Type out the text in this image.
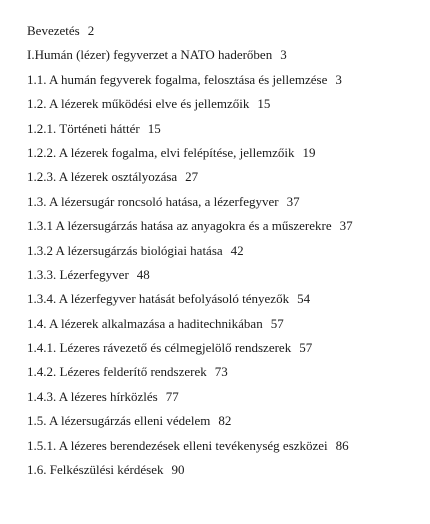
Bevezetés 2
I.Humán (lézer) fegyverzet a NATO haderőben 3
1.1. A humán fegyverek fogalma, felosztása és jellemzése 3
1.2. A lézerek működési elve és jellemzőik 15
1.2.1. Történeti háttér 15
1.2.2. A lézerek fogalma, elvi felépítése, jellemzőik 19
1.2.3. A lézerek osztályozása 27
1.3. A lézersugár roncsoló hatása, a lézerfegyver 37
1.3.1 A lézersugárzás hatása az anyagokra és a műszerekre 37
1.3.2 A lézersugárzás biológiai hatása 42
1.3.3. Lézerfegyver 48
1.3.4. A lézerfegyver hatását befolyásoló tényezők 54
1.4. A lézerek alkalmazása a haditechnikában 57
1.4.1. Lézeres rávezető és célmegjelölő rendszerek 57
1.4.2. Lézeres felderítő rendszerek 73
1.4.3. A lézeres hírközlés 77
1.5. A lézersugárzás elleni védelem 82
1.5.1. A lézeres berendezések elleni tevékenység eszközei 86
1.6. Felkészülési kérdések 90
